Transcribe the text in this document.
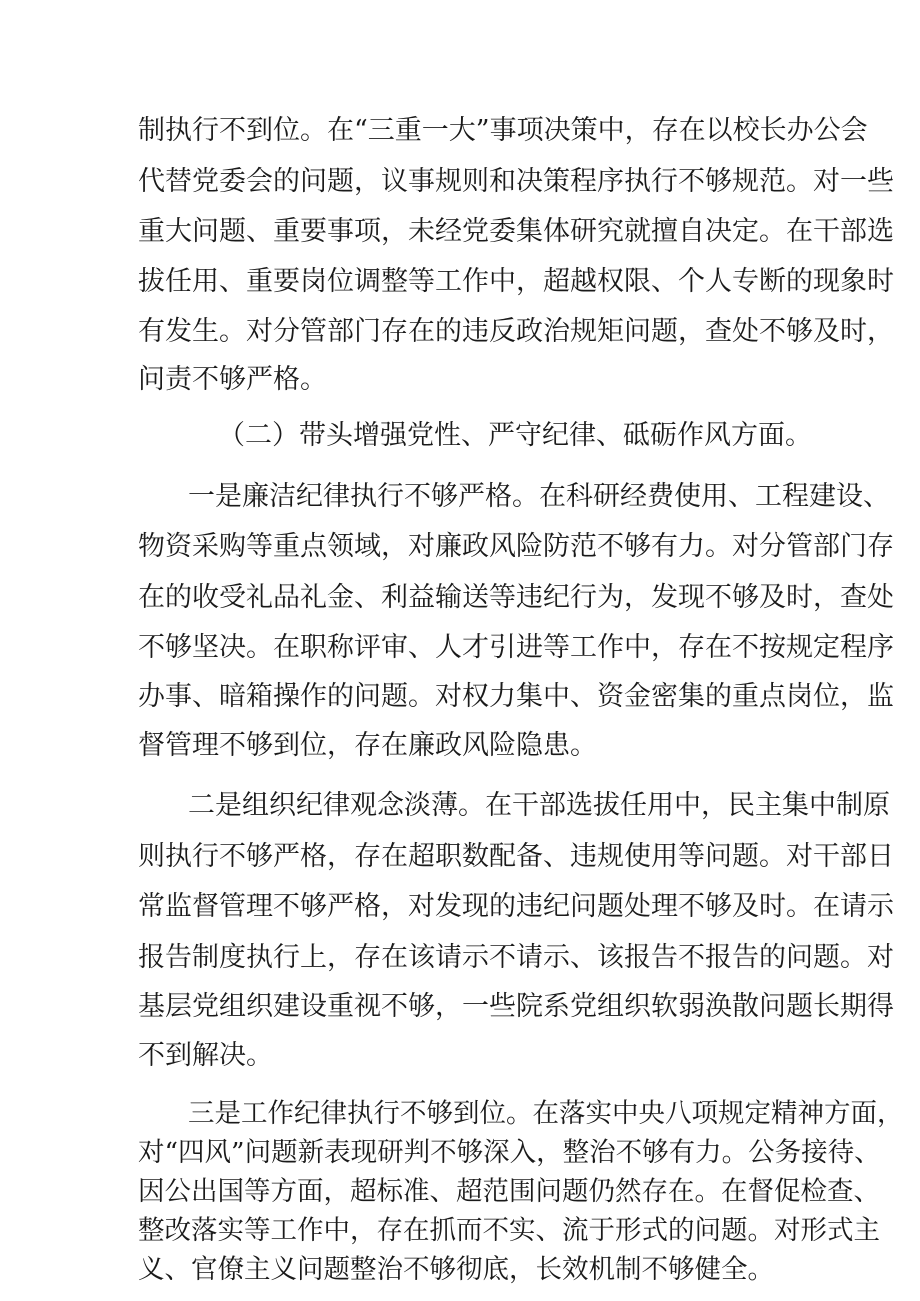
制执行不到位。在“三重一大”事项决策中，存在以校长办公会
代替党委会的问题，议事规则和决策程序执行不够规范。对一些
重大问题、重要事项，未经党委集体研究就擅自决定。在干部选
拔任用、重要岗位调整等工作中，超越权限、个人专断的现象时
有发生。对分管部门存在的违反政治规矩问题，查处不够及时，
问责不够严格。
（二）带头增强党性、严守纪律、砥砺作风方面。
一是廉洁纪律执行不够严格。在科研经费使用、工程建设、
物资采购等重点领域，对廉政风险防范不够有力。对分管部门存
在的收受礼品礼金、利益输送等违纪行为，发现不够及时，查处
不够坚决。在职称评审、人才引进等工作中，存在不按规定程序
办事、暗箱操作的问题。对权力集中、资金密集的重点岗位，监
督管理不够到位，存在廉政风险隐患。
二是组织纪律观念淡薄。在干部选拔任用中，民主集中制原
则执行不够严格，存在超职数配备、违规使用等问题。对干部日
常监督管理不够严格，对发现的违纪问题处理不够及时。在请示
报告制度执行上，存在该请示不请示、该报告不报告的问题。对
基层党组织建设重视不够，一些院系党组织软弱涣散问题长期得
不到解决。
三是工作纪律执行不够到位。在落实中央八项规定精神方面，
对“四风”问题新表现研判不够深入，整治不够有力。公务接待、
因公出国等方面，超标准、超范围问题仍然存在。在督促检查、
整改落实等工作中，存在抓而不实、流于形式的问题。对形式主
义、官僚主义问题整治不够彻底，长效机制不够健全。
